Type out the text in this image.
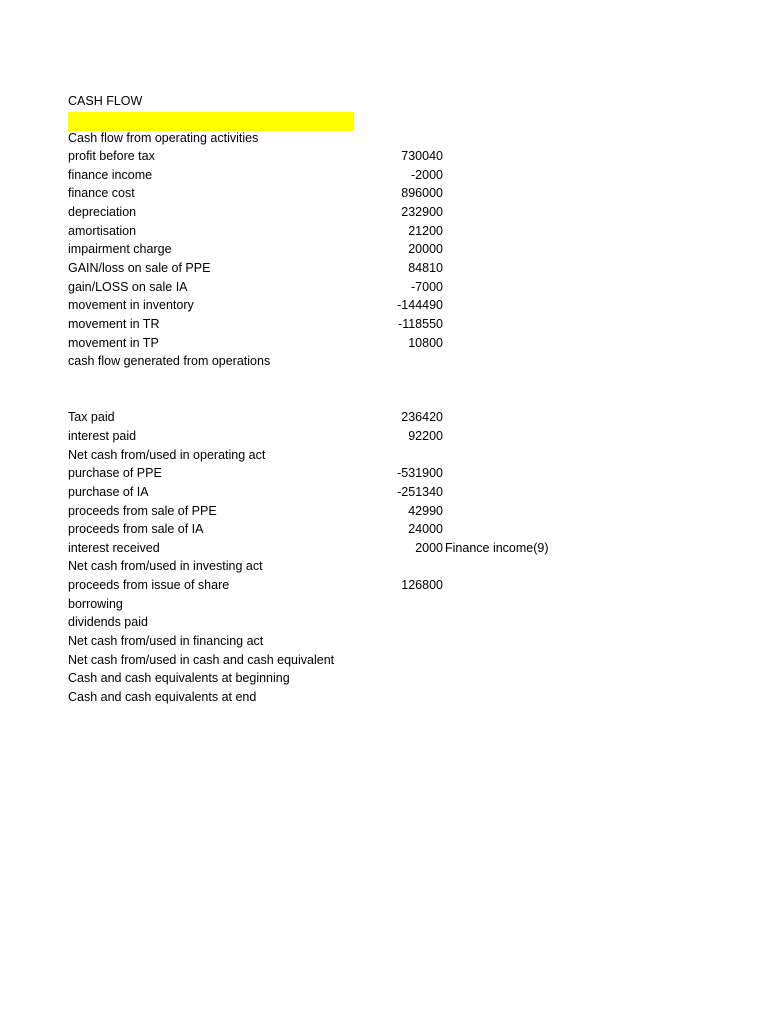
CASH FLOW
Cash flow from operating activities
profit before tax	730040
finance income	-2000
finance cost	896000
depreciation	232900
amortisation	21200
impairment charge	20000
GAIN/loss on sale of PPE	84810
gain/LOSS on sale IA	-7000
movement in inventory	-144490
movement in TR	-118550
movement in TP	10800
cash flow generated from operations
Tax paid	236420
interest paid	92200
Net cash from/used in operating act
purchase of PPE	-531900
purchase of IA	-251340
proceeds from sale of PPE	42990
proceeds from sale of IA	24000
interest received	2000 Finance income(9)
Net cash from/used in investing act
proceeds from issue of share	126800
borrowing
dividends paid
Net cash from/used in financing act
Net cash from/used in cash and cash equivalent
Cash and cash equivalents at beginning
Cash and cash equivalents at end
